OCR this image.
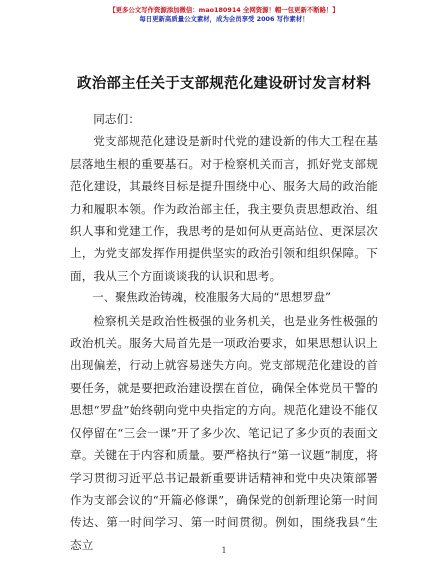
【更多公文写作资源添加微信：mao180914 全网资源！帽一包更新不断路！】
每日更新高质量公文素材，成为会员享受 2006 写作素材！
政治部主任关于支部规范化建设研讨发言材料

同志们：

党支部规范化建设是新时代党的建设新的伟大工程在基层落地生根的重要基石。对于检察机关而言，抓好党支部规范化建设，其最终目标是提升围绕中心、服务大局的政治能力和履职本领。作为政治部主任，我主要负责思想政治、组织人事和党建工作，我思考的是如何从更高站位、更深层次上，为党支部发挥作用提供坚实的政治引领和组织保障。下面，我从三个方面谈谈我的认识和思考。

一、聚焦政治铸魂，校准服务大局的“思想罗盘”

检察机关是政治性极强的业务机关，也是业务性极强的政治机关。服务大局首先是一项政治要求，如果思想认识上出现偏差，行动上就容易迷失方向。党支部规范化建设的首要任务，就是要把政治建设摆在首位，确保全体党员干警的思想“罗盘”始终朝向党中央指定的方向。规范化建设不能仅仅停留在“三会一课”开了多少次、笔记记了多少页的表面文章。关键在于内容和质量。要严格执行“第一议题”制度，将学习贯彻习近平总书记最新重要讲话精神和党中央决策部署作为支部会议的“开篇必修课”，确保党的创新理论第一时间传达、第一时间学习、第一时间贯彻。例如，围绕我县“生态立	1
